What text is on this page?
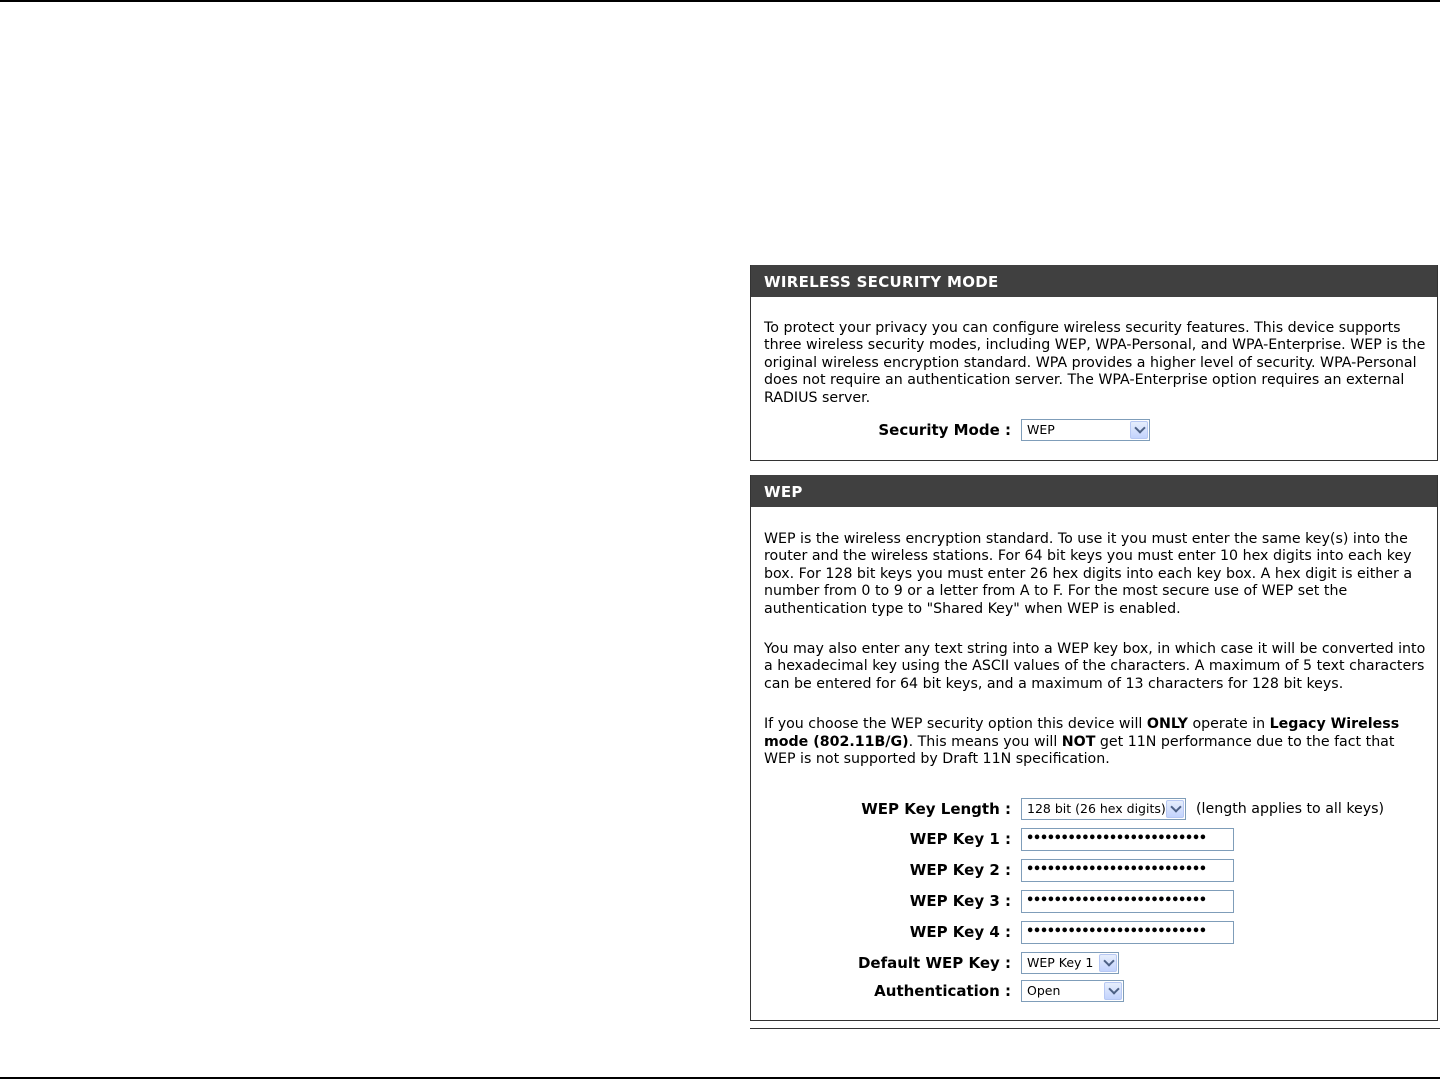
WIRELESS SECURITY MODE

To protect your privacy you can configure wireless security features. This device supports three wireless security modes, including WEP, WPA-Personal, and WPA-Enterprise. WEP is the original wireless encryption standard. WPA provides a higher level of security. WPA-Personal does not require an authentication server. The WPA-Enterprise option requires an external RADIUS server.

Security Mode :	WEP
WEP

WEP is the wireless encryption standard. To use it you must enter the same key(s) into the router and the wireless stations. For 64 bit keys you must enter 10 hex digits into each key box. For 128 bit keys you must enter 26 hex digits into each key box. A hex digit is either a number from 0 to 9 or a letter from A to F. For the most secure use of WEP set the authentication type to "Shared Key" when WEP is enabled.

You may also enter any text string into a WEP key box, in which case it will be converted into a hexadecimal key using the ASCII values of the characters. A maximum of 5 text characters can be entered for 64 bit keys, and a maximum of 13 characters for 128 bit keys.

If you choose the WEP security option this device will ONLY operate in Legacy Wireless mode (802.11B/G). This means you will NOT get 11N performance due to the fact that WEP is not supported by Draft 11N specification.

WEP Key Length :	128 bit (26 hex digits)	(length applies to all keys)
WEP Key 1 :	••••••••••••••••••••••••••
WEP Key 2 :	••••••••••••••••••••••••••
WEP Key 3 :	••••••••••••••••••••••••••
WEP Key 4 :	••••••••••••••••••••••••••
Default WEP Key :	WEP Key 1
Authentication :	Open
